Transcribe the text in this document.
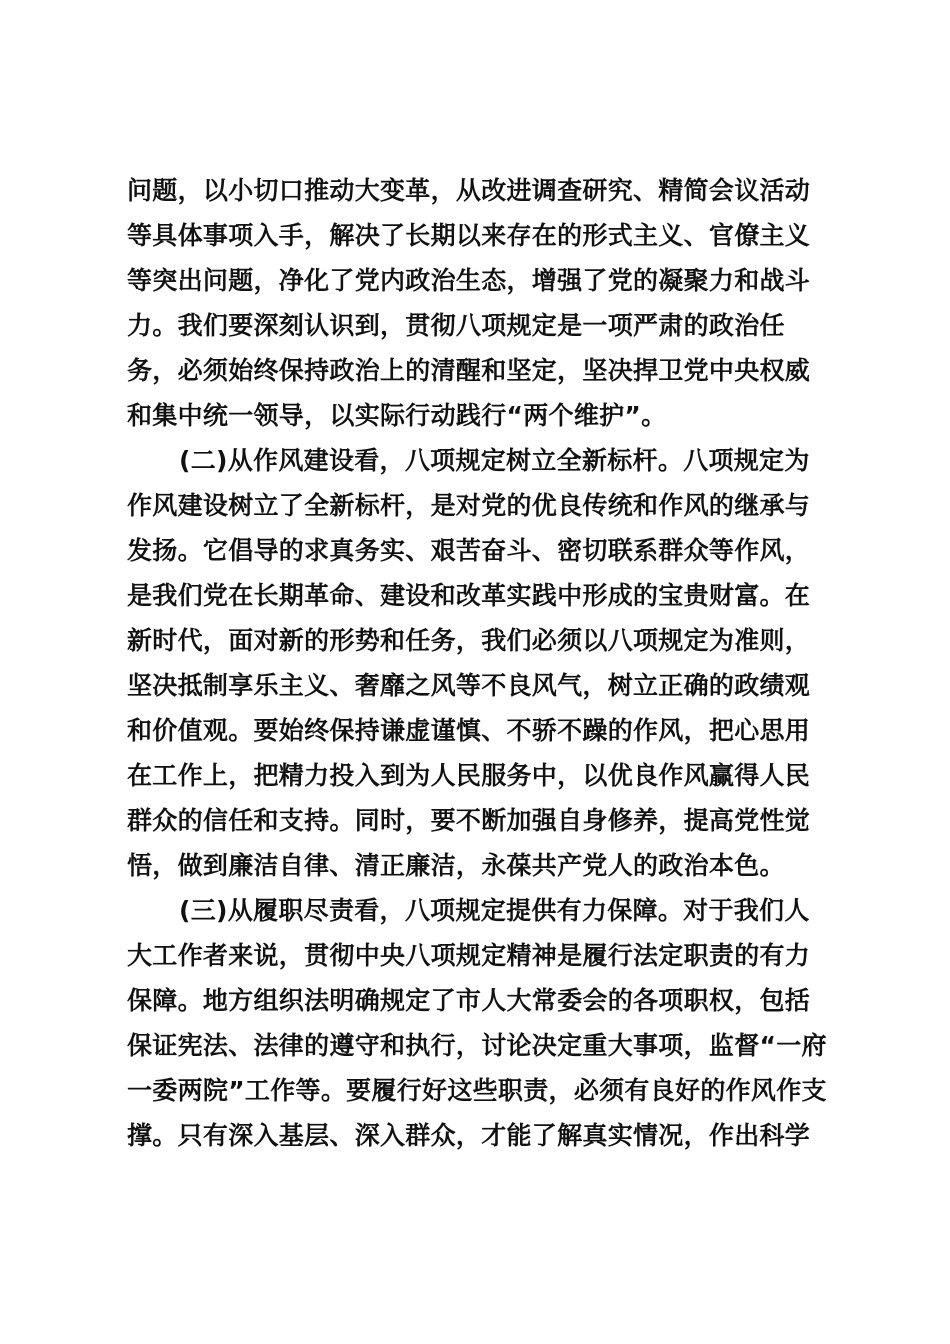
问题，以小切口推动大变革，从改进调查研究、精简会议活动
等具体事项入手，解决了长期以来存在的形式主义、官僚主义
等突出问题，净化了党内政治生态，增强了党的凝聚力和战斗
力。我们要深刻认识到，贯彻八项规定是一项严肃的政治任
务，必须始终保持政治上的清醒和坚定，坚决捍卫党中央权威
和集中统一领导，以实际行动践行“两个维护”。
(二)从作风建设看，八项规定树立全新标杆。八项规定为
作风建设树立了全新标杆，是对党的优良传统和作风的继承与
发扬。它倡导的求真务实、艰苦奋斗、密切联系群众等作风，
是我们党在长期革命、建设和改革实践中形成的宝贵财富。在
新时代，面对新的形势和任务，我们必须以八项规定为准则，
坚决抵制享乐主义、奢靡之风等不良风气，树立正确的政绩观
和价值观。要始终保持谦虚谨慎、不骄不躁的作风，把心思用
在工作上，把精力投入到为人民服务中，以优良作风赢得人民
群众的信任和支持。同时，要不断加强自身修养，提高党性觉
悟，做到廉洁自律、清正廉洁，永葆共产党人的政治本色。
(三)从履职尽责看，八项规定提供有力保障。对于我们人
大工作者来说，贯彻中央八项规定精神是履行法定职责的有力
保障。地方组织法明确规定了市人大常委会的各项职权，包括
保证宪法、法律的遵守和执行，讨论决定重大事项，监督“一府
一委两院”工作等。要履行好这些职责，必须有良好的作风作支
撑。只有深入基层、深入群众，才能了解真实情况，作出科学
